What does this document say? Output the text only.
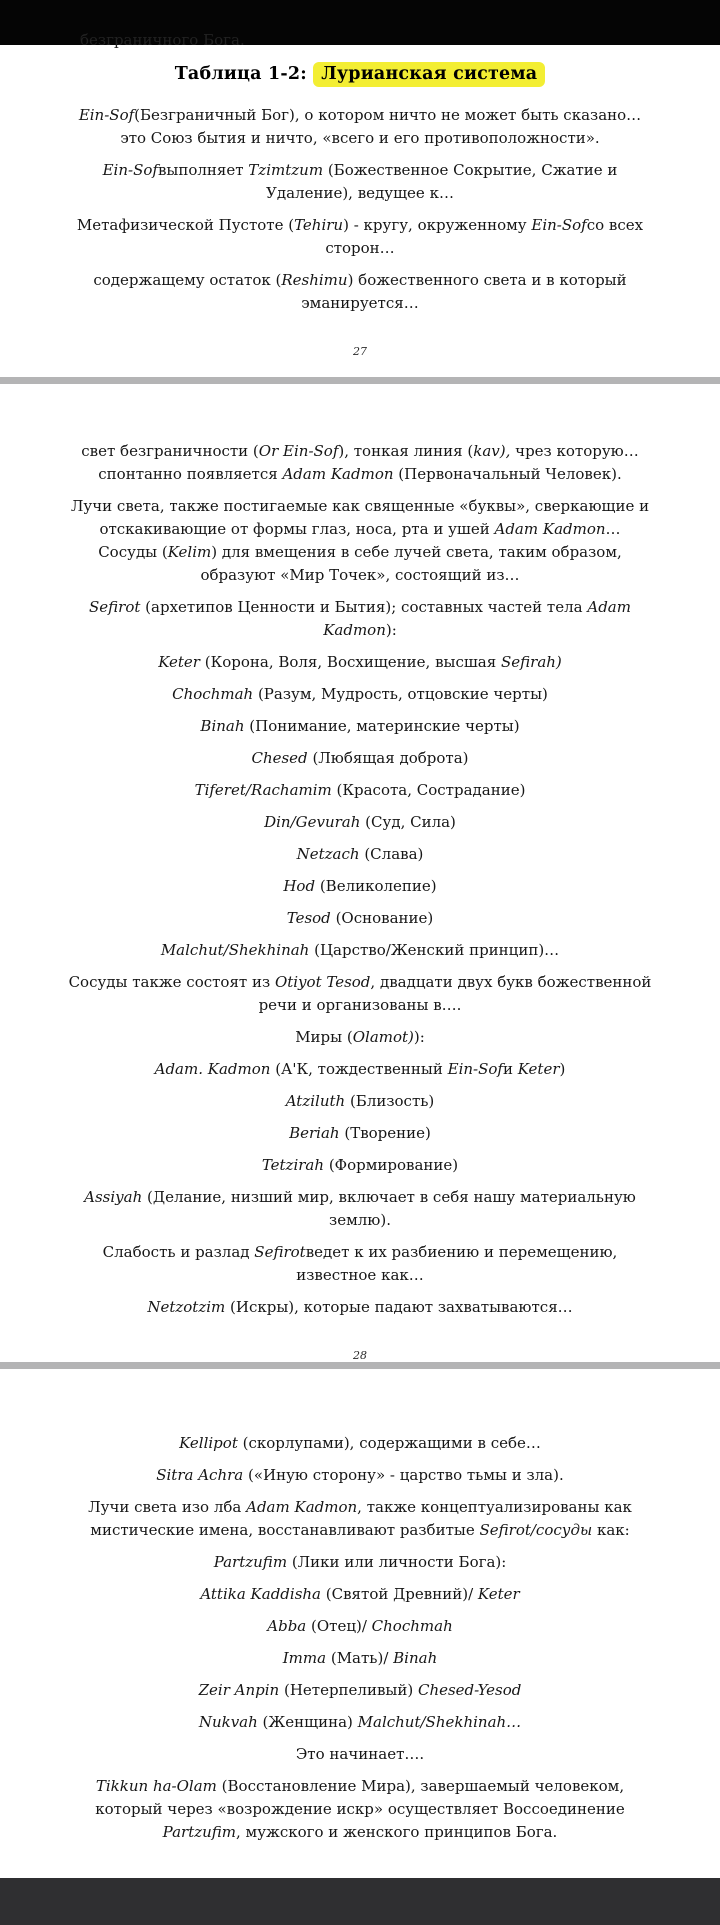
безграничного Бога.
Таблица 1-2: Лурианская система

Ein-Sof(Безграничный Бог), о котором ничто не может быть сказано… это Союз бытия и ничто, «всего и его противоположности».

Ein-Sofвыполняет Tzimtzum (Божественное Сокрытие, Сжатие и Удаление), ведущее к…

Метафизической Пустоте (Tehiru) - кругу, окруженному Ein-Sofсо всех сторон…

содержащему остаток (Reshimu) божественного света и в который эманируется…

27

свет безграничности (Or Ein-Sof), тонкая линия (kav), чрез которую… спонтанно появляется Adam Kadmon (Первоначальный Человек).

Лучи света, также постигаемые как священные «буквы», сверкающие и отскакивающие от формы глаз, носа, рта и ушей Adam Kadmon… Сосуды (Kelim) для вмещения в себе лучей света, таким образом, образуют «Мир Точек», состоящий из…

Sefirot (архетипов Ценности и Бытия); составных частей тела Adam Kadmon):

Keter (Корона, Воля, Восхищение, высшая Sefirah)

Chochmah (Разум, Мудрость, отцовские черты)

Binah (Понимание, материнские черты)

Chesed (Любящая доброта)

Tiferet/Rachamim (Красота, Сострадание)

Din/Gevurah (Суд, Сила)

Netzach (Слава)

Hod (Великолепие)

Tesod (Основание)

Malchut/Shekhinah (Царство/Женский принцип)…

Сосуды также состоят из Otiyot Tesod, двадцати двух букв божественной речи и организованы в….

Миры (Olamot)):

Adam. Kadmon (А'К, тождественный Ein-Sofи Keter)

Atziluth (Близость)

Beriah (Творение)

Tetzirah (Формирование)

Assiyah (Делание, низший мир, включает в себя нашу материальную землю).

Слабость и разлад Sefirotведет к их разбиению и перемещению, известное как…

Netzotzim (Искры), которые падают захватываются…

28

Kellipot (скорлупами), содержащими в себе…

Sitra Achra («Иную сторону» - царство тьмы и зла).

Лучи света изо лба Adam Kadmon, также концептуализированы как мистические имена, восстанавливают разбитые Sefirot/сосуды как:

Partzufim (Лики или личности Бога):

Attika Kaddisha (Святой Древний)/ Keter

Abba (Отец)/ Chochmah

Imma (Мать)/ Binah

Zeir Anpin (Нетерпеливый) Chesed-Yesod

Nukvah (Женщина) Malchut/Shekhinah…

Это начинает….

Tikkun ha-Olam (Восстановление Мира), завершаемый человеком, который через «возрождение искр» осуществляет Воссоединение Partzufim, мужского и женского принципов Бога.
